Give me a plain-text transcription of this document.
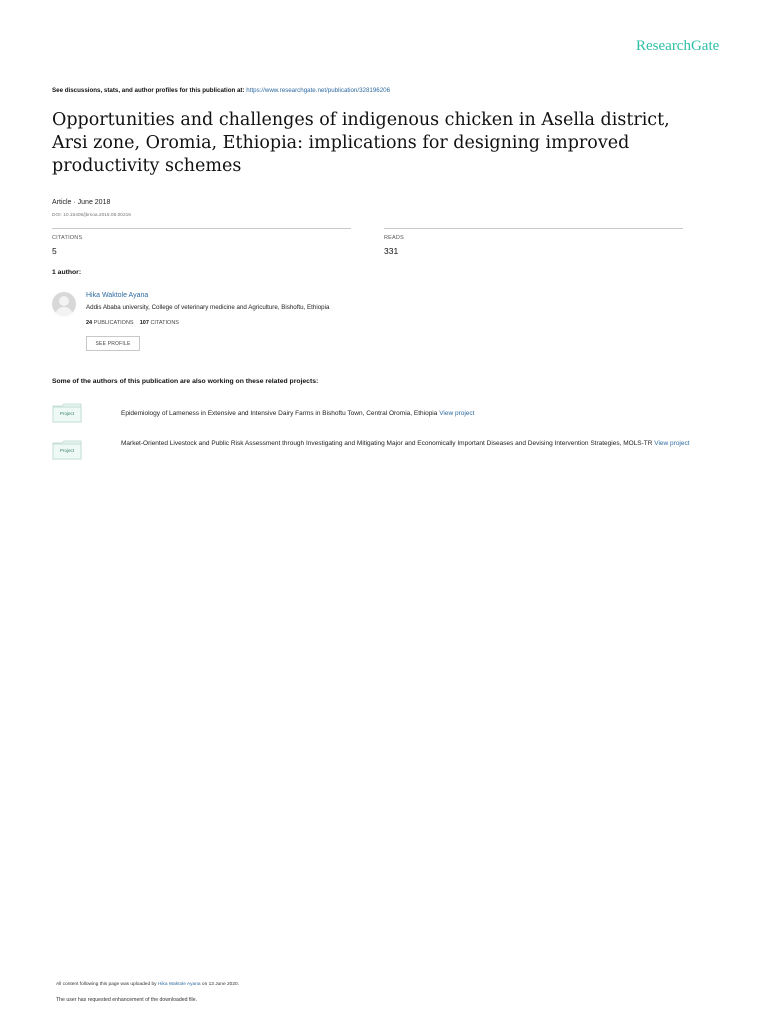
ResearchGate
See discussions, stats, and author profiles for this publication at: https://www.researchgate.net/publication/328196206
Opportunities and challenges of indigenous chicken in Asella district, Arsi zone, Oromia, Ethiopia: implications for designing improved productivity schemes
Article · June 2018
DOI: 10.15406/jbmoa.2018.06.00216
CITATIONS
5
READS
331
1 author:
Hika Waktole Ayana
Addis Ababa university, College of veterinary medicine and Agriculture, Bishoftu, Ethiopia
24 PUBLICATIONS 107 CITATIONS
SEE PROFILE
Some of the authors of this publication are also working on these related projects:
Project	Epidemiology of Lameness in Extensive and Intensive Dairy Farms in Bishoftu Town, Central Oromia, Ethiopia View project
Project
Market-Oriented Livestock and Public Risk Assessment through Investigating and Mitigating Major and Economically Important Diseases and Devising Intervention Strategies, MOLS-TR View project
All content following this page was uploaded by Hika Waktole Ayana on 13 June 2020.
The user has requested enhancement of the downloaded file.
